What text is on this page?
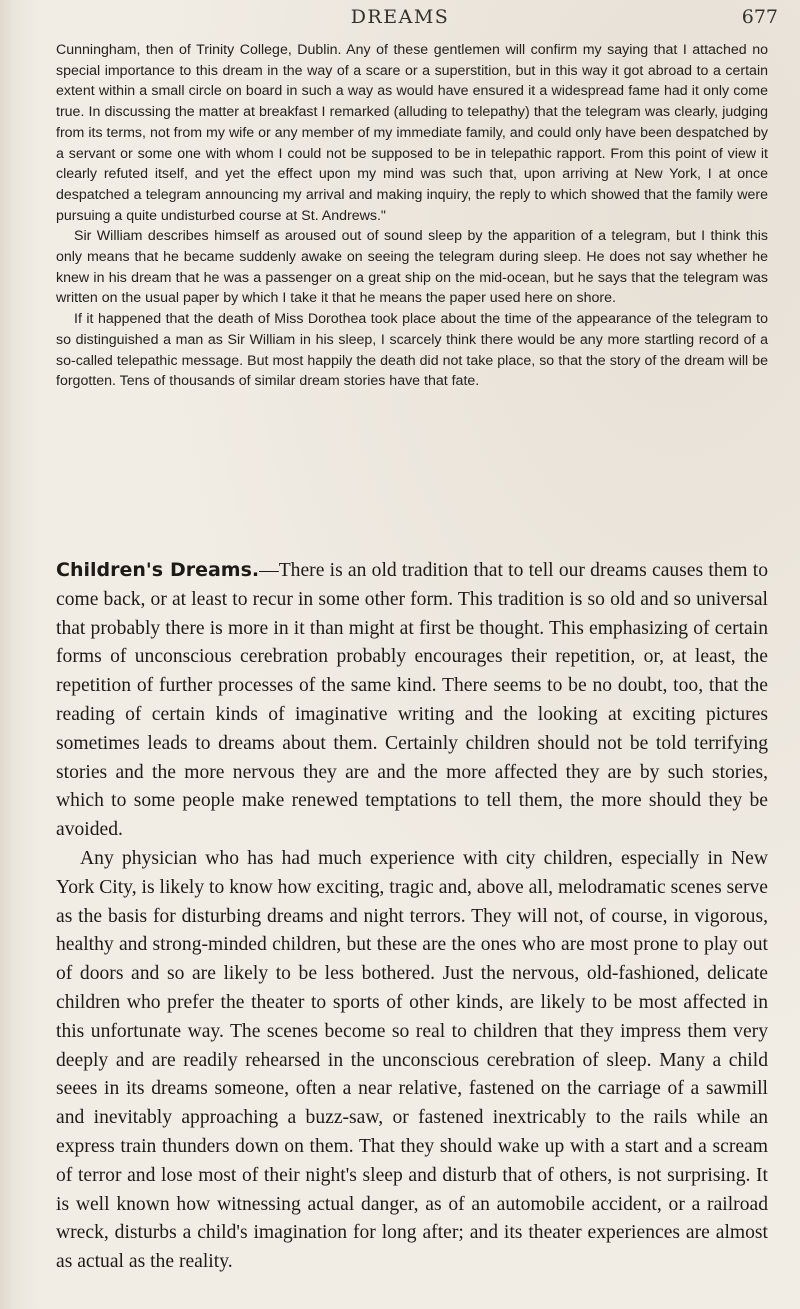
DREAMS	677

Cunningham, then of Trinity College, Dublin. Any of these gentlemen will confirm my saying that I attached no special importance to this dream in the way of a scare or a superstition, but in this way it got abroad to a certain extent within a small circle on board in such a way as would have ensured it a widespread fame had it only come true. In discussing the matter at breakfast I remarked (alluding to telepathy) that the telegram was clearly, judging from its terms, not from my wife or any member of my immediate family, and could only have been despatched by a servant or some one with whom I could not be supposed to be in telepathic rapport. From this point of view it clearly refuted itself, and yet the effect upon my mind was such that, upon arriving at New York, I at once despatched a telegram announcing my arrival and making inquiry, the reply to which showed that the family were pursuing a quite undisturbed course at St. Andrews."

Sir William describes himself as aroused out of sound sleep by the apparition of a telegram, but I think this only means that he became suddenly awake on seeing the telegram during sleep. He does not say whether he knew in his dream that he was a passenger on a great ship on the mid-ocean, but he says that the telegram was written on the usual paper by which I take it that he means the paper used here on shore.

If it happened that the death of Miss Dorothea took place about the time of the appearance of the telegram to so distinguished a man as Sir William in his sleep, I scarcely think there would be any more startling record of a so-called telepathic message. But most happily the death did not take place, so that the story of the dream will be forgotten. Tens of thousands of similar dream stories have that fate.

Children's Dreams.—There is an old tradition that to tell our dreams causes them to come back, or at least to recur in some other form. This tradition is so old and so universal that probably there is more in it than might at first be thought. This emphasizing of certain forms of unconscious cerebration probably encourages their repetition, or, at least, the repetition of further processes of the same kind. There seems to be no doubt, too, that the reading of certain kinds of imaginative writing and the looking at exciting pictures sometimes leads to dreams about them. Certainly children should not be told terrifying stories and the more nervous they are and the more affected they are by such stories, which to some people make renewed temptations to tell them, the more should they be avoided.

Any physician who has had much experience with city children, especially in New York City, is likely to know how exciting, tragic and, above all, melodramatic scenes serve as the basis for disturbing dreams and night terrors. They will not, of course, in vigorous, healthy and strong-minded children, but these are the ones who are most prone to play out of doors and so are likely to be less bothered. Just the nervous, old-fashioned, delicate children who prefer the theater to sports of other kinds, are likely to be most affected in this unfortunate way. The scenes become so real to children that they impress them very deeply and are readily rehearsed in the unconscious cerebration of sleep. Many a child seees in its dreams someone, often a near relative, fastened on the carriage of a sawmill and inevitably approaching a buzz-saw, or fastened inextricably to the rails while an express train thunders down on them. That they should wake up with a start and a scream of terror and lose most of their night's sleep and disturb that of others, is not surprising. It is well known how witnessing actual danger, as of an automobile accident, or a railroad wreck, disturbs a child's imagination for long after; and its theater experiences are almost as actual as the reality.
